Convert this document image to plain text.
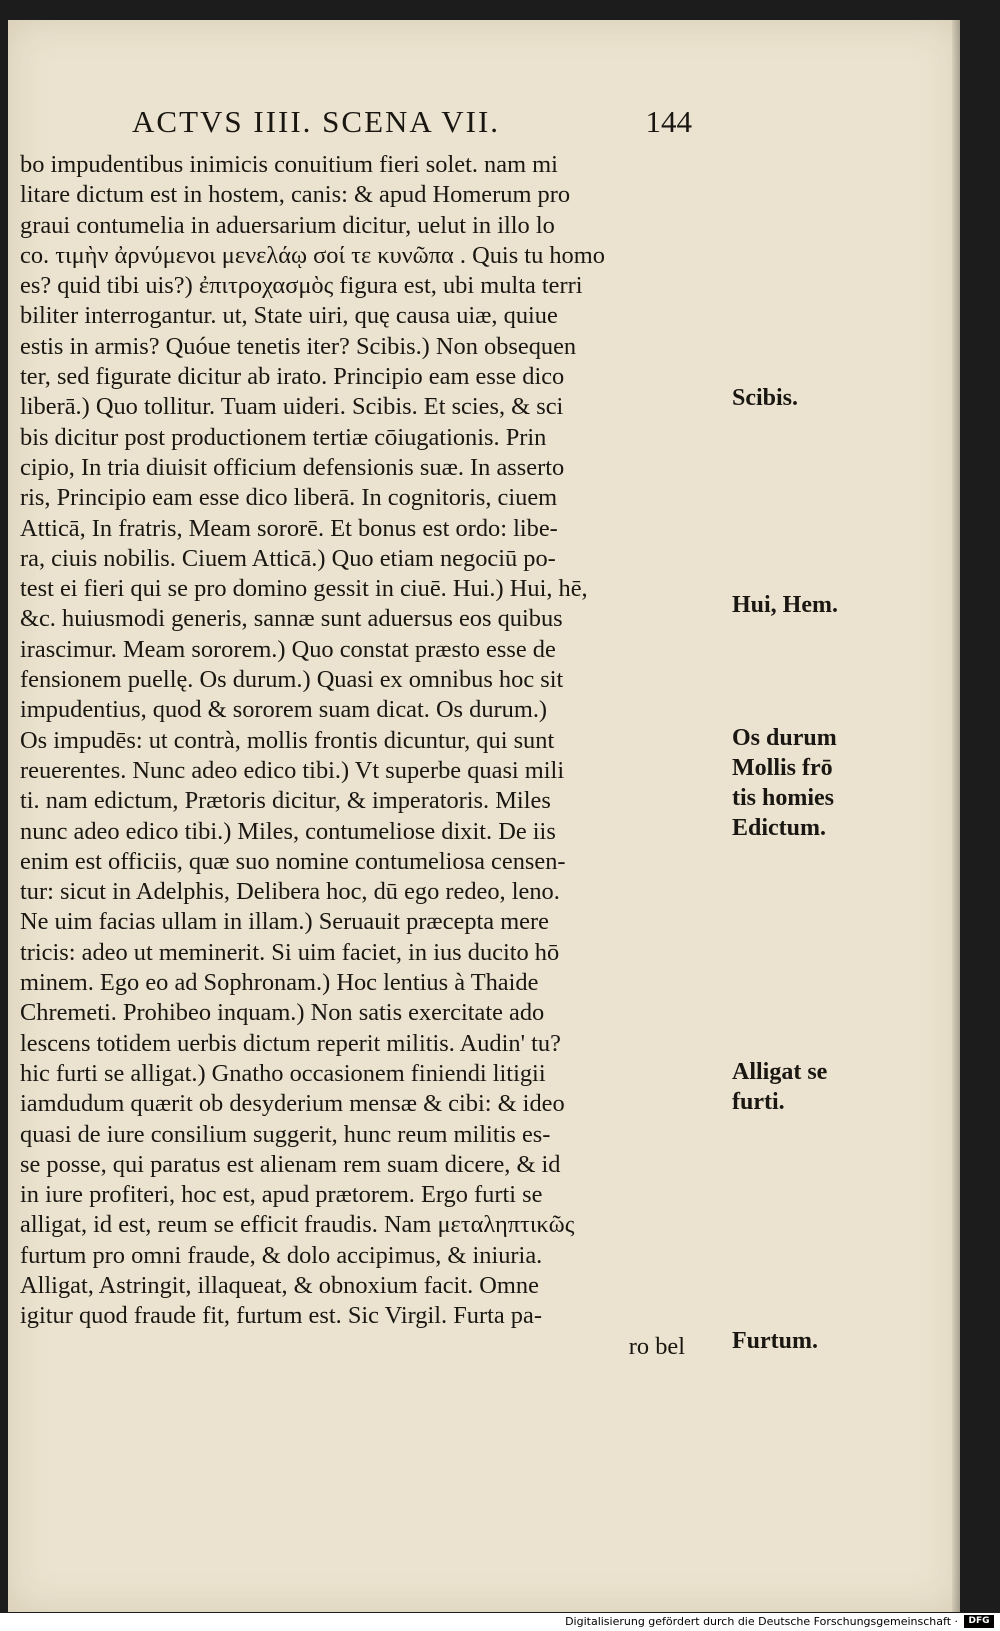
ACTVS IIII. SCENA VII.	144
bo impudentibus inimicis conuitium fieri solet. nam mi
litare dictum est in hostem, canis: & apud Homerum pro
graui contumelia in aduersarium dicitur, uelut in illo lo
co. τιμὴν ἀρνύμενοι μενελάῳ σοί τε κυνῶπα . Quis tu homo
es? quid tibi uis?) ἐπιτροχασμὸς figura est, ubi multa terri
biliter interrogantur. ut, State uiri, quę causa uiæ, quiue
estis in armis? Quóue tenetis iter? Scibis.) Non obsequen
ter, sed figurate dicitur ab irato. Principio eam esse dico
liberā.) Quo tollitur. Tuam uideri. Scibis. Et scies, & sci
bis dicitur post productionem tertiæ cōiugationis. Prin
cipio, In tria diuisit officium defensionis suæ. In asserto
ris, Principio eam esse dico liberā. In cognitoris, ciuem
Atticā, In fratris, Meam sororē. Et bonus est ordo: libe-
ra, ciuis nobilis. Ciuem Atticā.) Quo etiam negociū po-
test ei fieri qui se pro domino gessit in ciuē. Hui.) Hui, hē,
&c. huiusmodi generis, sannæ sunt aduersus eos quibus
irascimur. Meam sororem.) Quo constat præsto esse de
fensionem puellę. Os durum.) Quasi ex omnibus hoc sit
impudentius, quod & sororem suam dicat. Os durum.)
Os impudēs: ut contrà, mollis frontis dicuntur, qui sunt
reuerentes. Nunc adeo edico tibi.) Vt superbe quasi mili
ti. nam edictum, Prætoris dicitur, & imperatoris. Miles
nunc adeo edico tibi.) Miles, contumeliose dixit. De iis
enim est officiis, quæ suo nomine contumeliosa censen-
tur: sicut in Adelphis, Delibera hoc, dū ego redeo, leno.
Ne uim facias ullam in illam.) Seruauit præcepta mere
tricis: adeo ut meminerit. Si uim faciet, in ius ducito hō
minem. Ego eo ad Sophronam.) Hoc lentius à Thaide
Chremeti. Prohibeo inquam.) Non satis exercitate ado
lescens totidem uerbis dictum reperit militis. Audin' tu?
hic furti se alligat.) Gnatho occasionem finiendi litigii
iamdudum quærit ob desyderium mensæ & cibi: & ideo
quasi de iure consilium suggerit, hunc reum militis es-
se posse, qui paratus est alienam rem suam dicere, & id
in iure profiteri, hoc est, apud prætorem. Ergo furti se
alligat, id est, reum se efficit fraudis. Nam μεταληπτικῶς
furtum pro omni fraude, & dolo accipimus, & iniuria.
Alligat, Astringit, illaqueat, & obnoxium facit. Omne
igitur quod fraude fit, furtum est. Sic Virgil. Furta pa-
ro bel
Scibis.
Hui, Hem.
Os durum
Mollis frō
tis homies
Edictum.
Alligat se
furti.
Furtum.
Digitalisierung gefördert durch die Deutsche Forschungsgemeinschaft ·	DFG
